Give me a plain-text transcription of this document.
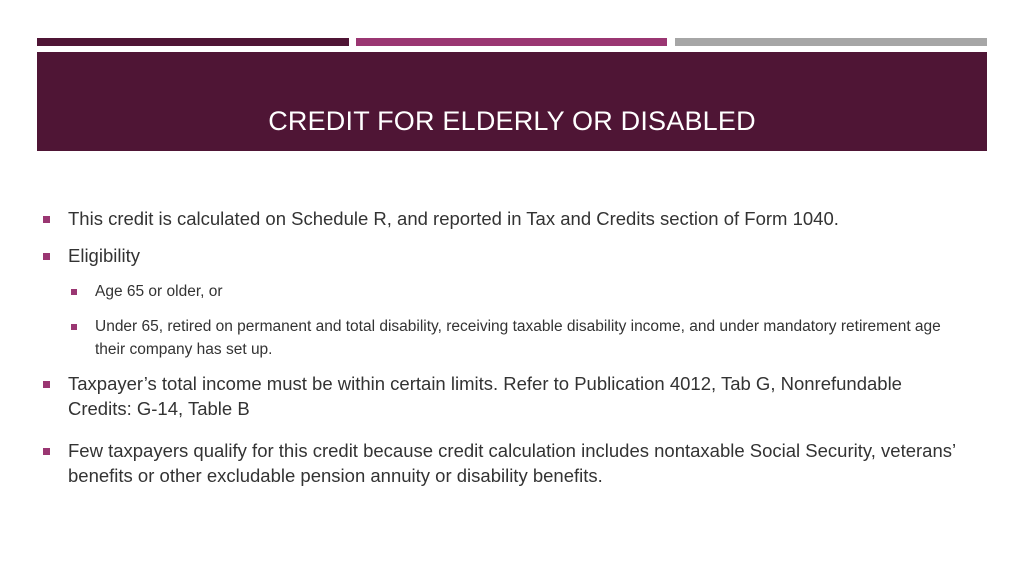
CREDIT FOR ELDERLY OR DISABLED
This credit is calculated on Schedule R, and reported in Tax and Credits section of Form 1040.
Eligibility
Age 65 or older, or
Under 65, retired on permanent and total disability, receiving taxable disability income, and under mandatory retirement age their company has set up.
Taxpayer’s total income must be within certain limits. Refer to Publication 4012, Tab G, Nonrefundable Credits: G-14, Table B
Few taxpayers qualify for this credit because credit calculation includes nontaxable Social Security, veterans’ benefits or other excludable pension annuity or disability benefits.
